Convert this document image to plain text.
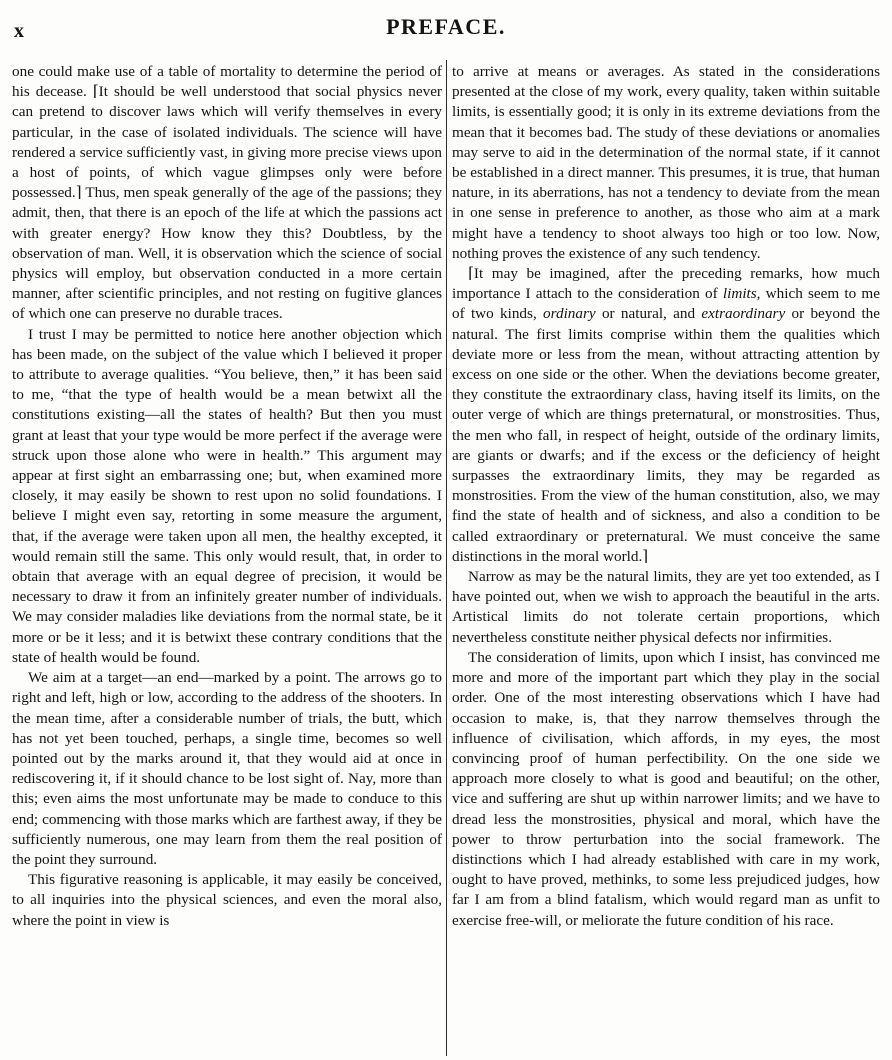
x	PREFACE.

one could make use of a table of mortality to determine the period of his decease. ⌈It should be well understood that social physics never can pretend to discover laws which will verify themselves in every particular, in the case of isolated individuals. The science will have rendered a service sufficiently vast, in giving more precise views upon a host of points, of which vague glimpses only were before possessed.⌉ Thus, men speak generally of the age of the passions; they admit, then, that there is an epoch of the life at which the passions act with greater energy? How know they this? Doubtless, by the observation of man. Well, it is observation which the science of social physics will employ, but observation conducted in a more certain manner, after scientific principles, and not resting on fugitive glances of which one can preserve no durable traces.

I trust I may be permitted to notice here another objection which has been made, on the subject of the value which I believed it proper to attribute to average qualities. “You believe, then,” it has been said to me, “that the type of health would be a mean betwixt all the constitutions existing—all the states of health? But then you must grant at least that your type would be more perfect if the average were struck upon those alone who were in health.” This argument may appear at first sight an embarrassing one; but, when examined more closely, it may easily be shown to rest upon no solid foundations. I believe I might even say, retorting in some measure the argument, that, if the average were taken upon all men, the healthy excepted, it would remain still the same. This only would result, that, in order to obtain that average with an equal degree of precision, it would be necessary to draw it from an infinitely greater number of individuals. We may consider maladies like deviations from the normal state, be it more or be it less; and it is betwixt these contrary conditions that the state of health would be found.

We aim at a target—an end—marked by a point. The arrows go to right and left, high or low, according to the address of the shooters. In the mean time, after a considerable number of trials, the butt, which has not yet been touched, perhaps, a single time, becomes so well pointed out by the marks around it, that they would aid at once in rediscovering it, if it should chance to be lost sight of. Nay, more than this; even aims the most unfortunate may be made to conduce to this end; commencing with those marks which are farthest away, if they be sufficiently numerous, one may learn from them the real position of the point they surround.

This figurative reasoning is applicable, it may easily be conceived, to all inquiries into the physical sciences, and even the moral also, where the point in view is

to arrive at means or averages. As stated in the considerations presented at the close of my work, every quality, taken within suitable limits, is essentially good; it is only in its extreme deviations from the mean that it becomes bad. The study of these deviations or anomalies may serve to aid in the determination of the normal state, if it cannot be established in a direct manner. This presumes, it is true, that human nature, in its aberrations, has not a tendency to deviate from the mean in one sense in preference to another, as those who aim at a mark might have a tendency to shoot always too high or too low. Now, nothing proves the existence of any such tendency.

⌈It may be imagined, after the preceding remarks, how much importance I attach to the consideration of limits, which seem to me of two kinds, ordinary or natural, and extraordinary or beyond the natural. The first limits comprise within them the qualities which deviate more or less from the mean, without attracting attention by excess on one side or the other. When the deviations become greater, they constitute the extraordinary class, having itself its limits, on the outer verge of which are things preternatural, or monstrosities. Thus, the men who fall, in respect of height, outside of the ordinary limits, are giants or dwarfs; and if the excess or the deficiency of height surpasses the extraordinary limits, they may be regarded as monstrosities. From the view of the human constitution, also, we may find the state of health and of sickness, and also a condition to be called extraordinary or preternatural. We must conceive the same distinctions in the moral world.⌉

Narrow as may be the natural limits, they are yet too extended, as I have pointed out, when we wish to approach the beautiful in the arts. Artistical limits do not tolerate certain proportions, which nevertheless constitute neither physical defects nor infirmities.

The consideration of limits, upon which I insist, has convinced me more and more of the important part which they play in the social order. One of the most interesting observations which I have had occasion to make, is, that they narrow themselves through the influence of civilisation, which affords, in my eyes, the most convincing proof of human perfectibility. On the one side we approach more closely to what is good and beautiful; on the other, vice and suffering are shut up within narrower limits; and we have to dread less the monstrosities, physical and moral, which have the power to throw perturbation into the social framework. The distinctions which I had already established with care in my work, ought to have proved, methinks, to some less prejudiced judges, how far I am from a blind fatalism, which would regard man as unfit to exercise free-will, or meliorate the future condition of his race.
